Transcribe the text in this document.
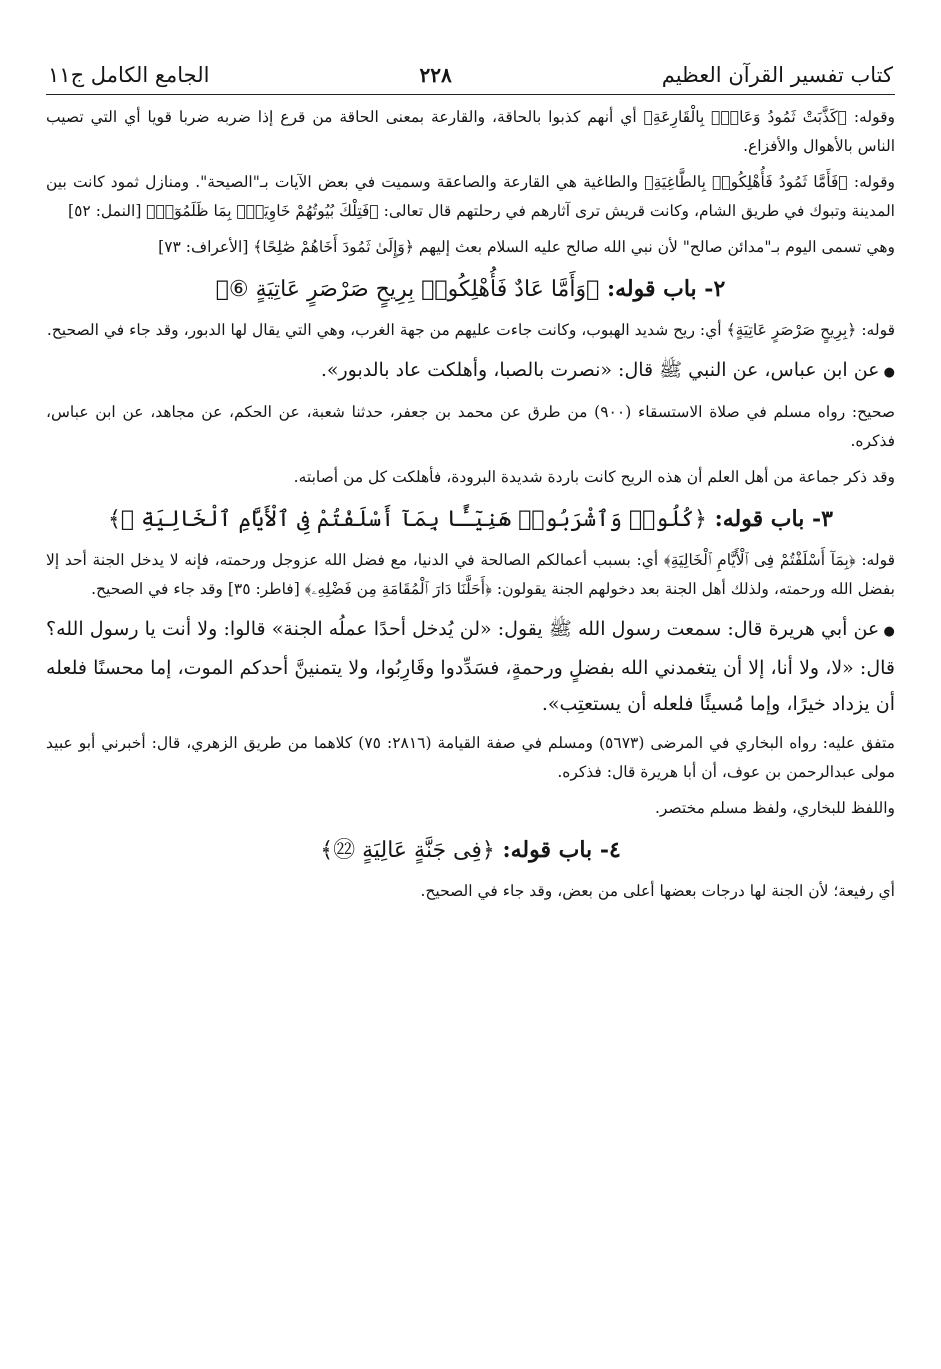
كتاب تفسير القرآن العظيم
٢٢٨
الجامع الكامل ج١١

وقوله: ﴿كَذَّبَتْ ثَمُودُ وَعَادٌۢ بِالْقَارِعَةِ﴾ أي أنهم كذبوا بالحاقة، والقارعة بمعنى الحاقة من قرع إذا ضربه ضربا قويا أي التي تصيب الناس بالأهوال والأفزاع.

وقوله: ﴿فَأَمَّا ثَمُودُ فَأُهْلِكُوا۟ بِالطَّاغِيَةِ﴾ والطاغية هي القارعة والصاعقة وسميت في بعض الآيات بـ"الصيحة". ومنازل ثمود كانت بين المدينة وتبوك في طريق الشام، وكانت قريش ترى آثارهم في رحلتهم قال تعالى: ﴿فَتِلْكَ بُيُوتُهُمْ خَاوِيَةًۢ بِمَا ظَلَمُوٓا۟﴾ [النمل: ٥٢]

وهي تسمى اليوم بـ"مدائن صالح" لأن نبي الله صالح عليه السلام بعث إليهم ﴿وَإِلَىٰ ثَمُودَ أَخَاهُمْ صَٰلِحًا﴾ [الأعراف: ٧٣]

٢- باب قوله: ﴿وَأَمَّا عَادٌ فَأُهْلِكُوا۟ بِرِيحٍ صَرْصَرٍ عَاتِيَةٍ ⑥﴾

قوله: ﴿بِرِيحٍ صَرْصَرٍ عَاتِيَةٍ﴾ أي: ريح شديد الهبوب، وكانت جاءت عليهم من جهة الغرب، وهي التي يقال لها الدبور، وقد جاء في الصحيح.

● عن ابن عباس، عن النبي ﷺ قال: «نصرت بالصبا، وأهلكت عاد بالدبور».

صحيح: رواه مسلم في صلاة الاستسقاء (٩٠٠) من طرق عن محمد بن جعفر، حدثنا شعبة، عن الحكم، عن مجاهد، عن ابن عباس، فذكره.

وقد ذكر جماعة من أهل العلم أن هذه الريح كانت باردة شديدة البرودة، فأهلكت كل من أصابته.

٣- باب قوله: ﴿كُلُوا۟ وَٱشْرَبُوا۟ هَنِيٓـًٔا بِمَآ أَسْلَفْتُمْ فِى ٱلْأَيَّامِ ٱلْخَالِيَةِ ㉔﴾

قوله: ﴿بِمَآ أَسْلَفْتُمْ فِى ٱلْأَيَّامِ ٱلْخَالِيَةِ﴾ أي: بسبب أعمالكم الصالحة في الدنيا، مع فضل الله عزوجل ورحمته، فإنه لا يدخل الجنة أحد إلا بفضل الله ورحمته، ولذلك أهل الجنة بعد دخولهم الجنة يقولون: ﴿أَحَلَّنَا دَارَ ٱلْمُقَامَةِ مِن فَضْلِهِۦ﴾ [فاطر: ٣٥] وقد جاء في الصحيح.

● عن أبي هريرة قال: سمعت رسول الله ﷺ يقول: «لن يُدخل أحدًا عملُه الجنة» قالوا: ولا أنت يا رسول الله؟ قال: «لا، ولا أنا، إلا أن يتغمدني الله بفضلٍ ورحمةٍ، فسَدِّدوا وقَارِبُوا، ولا يتمنينَّ أحدكم الموت، إما محسنًا فلعله أن يزداد خيرًا، وإما مُسيئًا فلعله أن يستعتِب».

متفق عليه: رواه البخاري في المرضى (٥٦٧٣) ومسلم في صفة القيامة (٢٨١٦: ٧٥) كلاهما من طريق الزهري، قال: أخبرني أبو عبيد مولى عبدالرحمن بن عوف، أن أبا هريرة قال: فذكره.

واللفظ للبخاري، ولفظ مسلم مختصر.

٤- باب قوله: ﴿فِى جَنَّةٍ عَالِيَةٍ ㉒﴾

أي رفيعة؛ لأن الجنة لها درجات بعضها أعلى من بعض، وقد جاء في الصحيح.
